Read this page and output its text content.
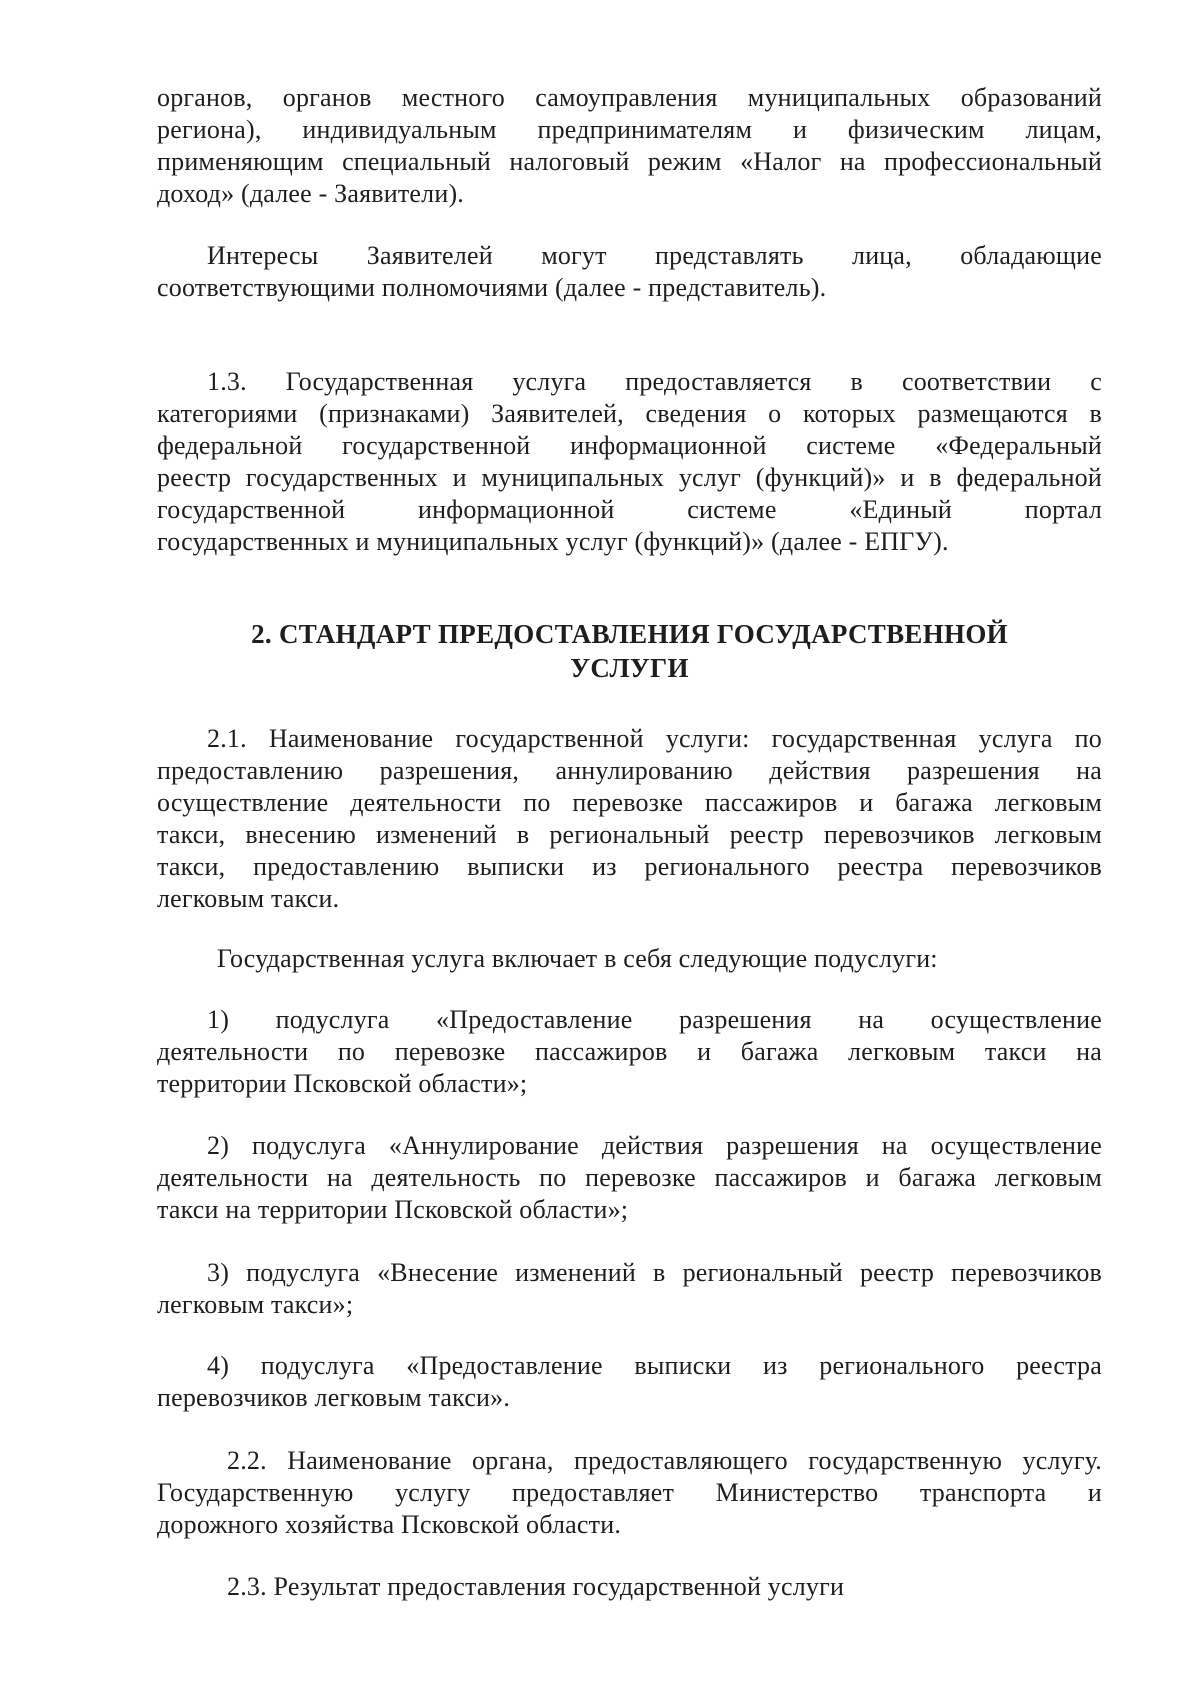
органов, органов местного самоуправления муниципальных образований
региона), индивидуальным предпринимателям и физическим лицам,
применяющим специальный налоговый режим «Налог на профессиональный
доход» (далее - Заявители).
Интересы Заявителей могут представлять лица, обладающие
соответствующими полномочиями (далее - представитель).
1.3. Государственная услуга предоставляется в соответствии с
категориями (признаками) Заявителей, сведения о которых размещаются в
федеральной государственной информационной системе «Федеральный
реестр государственных и муниципальных услуг (функций)» и в федеральной
государственной информационной системе «Единый портал
государственных и муниципальных услуг (функций)» (далее - ЕПГУ).
2. СТАНДАРТ ПРЕДОСТАВЛЕНИЯ ГОСУДАРСТВЕННОЙ
УСЛУГИ
2.1. Наименование государственной услуги: государственная услуга по
предоставлению разрешения, аннулированию действия разрешения на
осуществление деятельности по перевозке пассажиров и багажа легковым
такси, внесению изменений в региональный реестр перевозчиков легковым
такси, предоставлению выписки из регионального реестра перевозчиков
легковым такси.
Государственная услуга включает в себя следующие подуслуги:
1) подуслуга «Предоставление разрешения на осуществление
деятельности по перевозке пассажиров и багажа легковым такси на
территории Псковской области»;
2) подуслуга «Аннулирование действия разрешения на осуществление
деятельности на деятельность по перевозке пассажиров и багажа легковым
такси на территории Псковской области»;
3) подуслуга «Внесение изменений в региональный реестр перевозчиков
легковым такси»;
4) подуслуга «Предоставление выписки из регионального реестра
перевозчиков легковым такси».
2.2. Наименование органа, предоставляющего государственную услугу.
Государственную услугу предоставляет Министерство транспорта и
дорожного хозяйства Псковской области.
2.3. Результат предоставления государственной услуги
